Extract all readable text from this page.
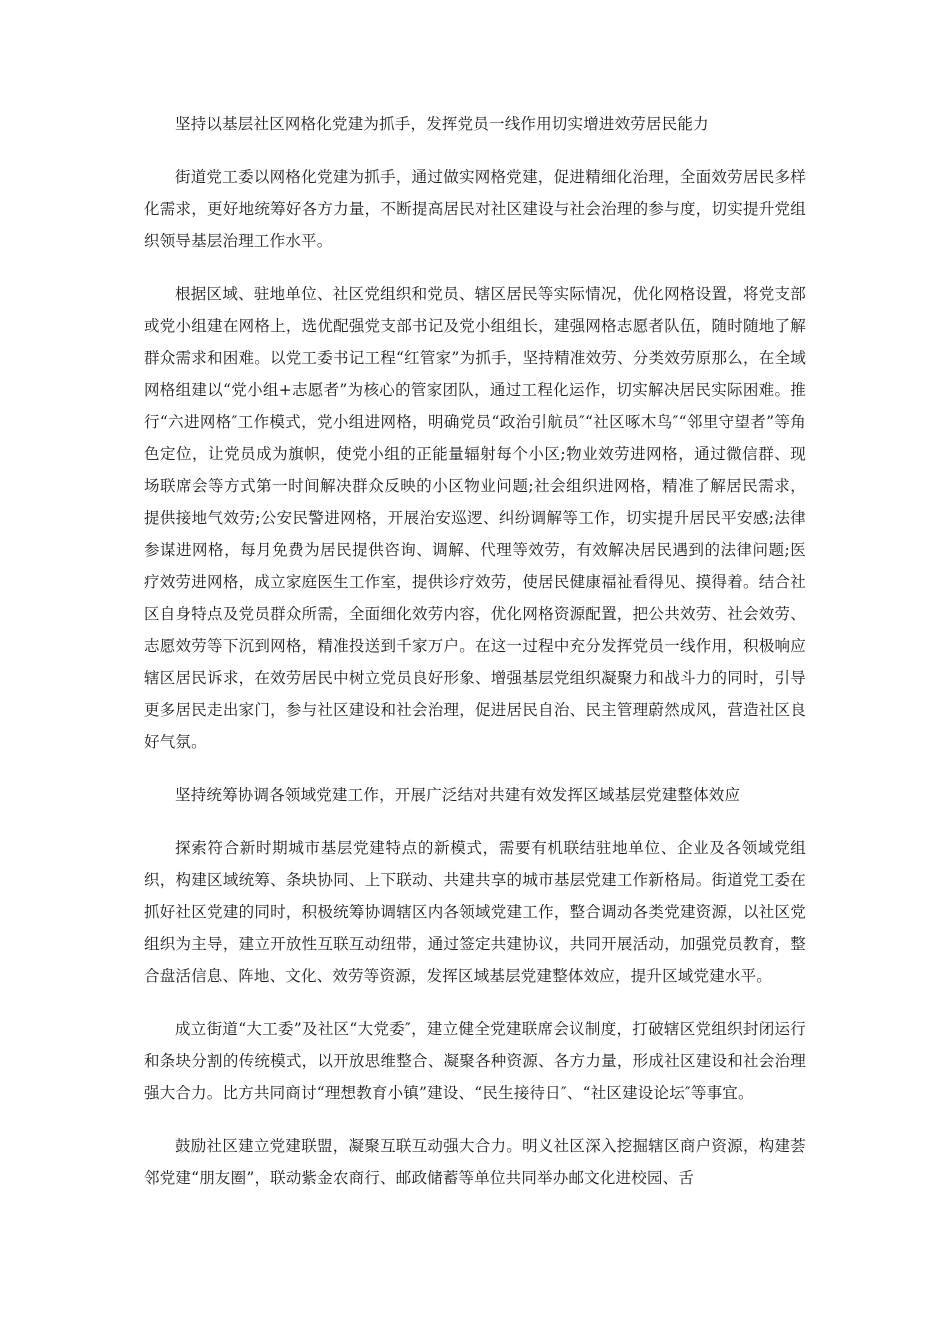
坚持以基层社区网格化党建为抓手，发挥党员一线作用切实增进效劳居民能力

街道党工委以网格化党建为抓手，通过做实网格党建，促进精细化治理，全面效劳居民多样化需求，更好地统筹好各方力量，不断提高居民对社区建设与社会治理的参与度，切实提升党组织领导基层治理工作水平。

根据区域、驻地单位、社区党组织和党员、辖区居民等实际情况，优化网格设置，将党支部或党小组建在网格上，选优配强党支部书记及党小组组长，建强网格志愿者队伍，随时随地了解群众需求和困难。以党工委书记工程“红管家”为抓手，坚持精准效劳、分类效劳原那么，在全域网格组建以“党小组+志愿者”为核心的管家团队，通过工程化运作，切实解决居民实际困难。推行“六进网格″工作模式，党小组进网格，明确党员“政治引航员″“社区啄木鸟″“邻里守望者”等角色定位，让党员成为旗帜，使党小组的正能量辐射每个小区;物业效劳进网格，通过微信群、现场联席会等方式第一时间解决群众反映的小区物业问题;社会组织进网格，精准了解居民需求，提供接地气效劳;公安民警进网格，开展治安巡逻、纠纷调解等工作，切实提升居民平安感;法律参谋进网格，每月免费为居民提供咨询、调解、代理等效劳，有效解决居民遇到的法律问题;医疗效劳进网格，成立家庭医生工作室，提供诊疗效劳，使居民健康福祉看得见、摸得着。结合社区自身特点及党员群众所需，全面细化效劳内容，优化网格资源配置，把公共效劳、社会效劳、志愿效劳等下沉到网格，精准投送到千家万户。在这一过程中充分发挥党员一线作用，积极响应辖区居民诉求，在效劳居民中树立党员良好形象、增强基层党组织凝聚力和战斗力的同时，引导更多居民走出家门，参与社区建设和社会治理，促进居民自治、民主管理蔚然成风，营造社区良好气氛。

坚持统筹协调各领域党建工作，开展广泛结对共建有效发挥区域基层党建整体效应

探索符合新时期城市基层党建特点的新模式，需要有机联结驻地单位、企业及各领域党组织，构建区域统筹、条块协同、上下联动、共建共享的城市基层党建工作新格局。街道党工委在抓好社区党建的同时，积极统筹协调辖区内各领域党建工作，整合调动各类党建资源，以社区党组织为主导，建立开放性互联互动纽带，通过签定共建协议，共同开展活动，加强党员教育，整合盘活信息、阵地、文化、效劳等资源，发挥区域基层党建整体效应，提升区域党建水平。

成立街道“大工委”及社区“大党委″，建立健全党建联席会议制度，打破辖区党组织封闭运行和条块分割的传统模式，以开放思维整合、凝聚各种资源、各方力量，形成社区建设和社会治理强大合力。比方共同商讨“理想教育小镇”建设、“民生接待日″、“社区建设论坛″等事宜。

鼓励社区建立党建联盟，凝聚互联互动强大合力。明义社区深入挖掘辖区商户资源，构建荟邻党建“朋友圈”，联动紫金农商行、邮政储蓄等单位共同举办邮文化进校园、舌
